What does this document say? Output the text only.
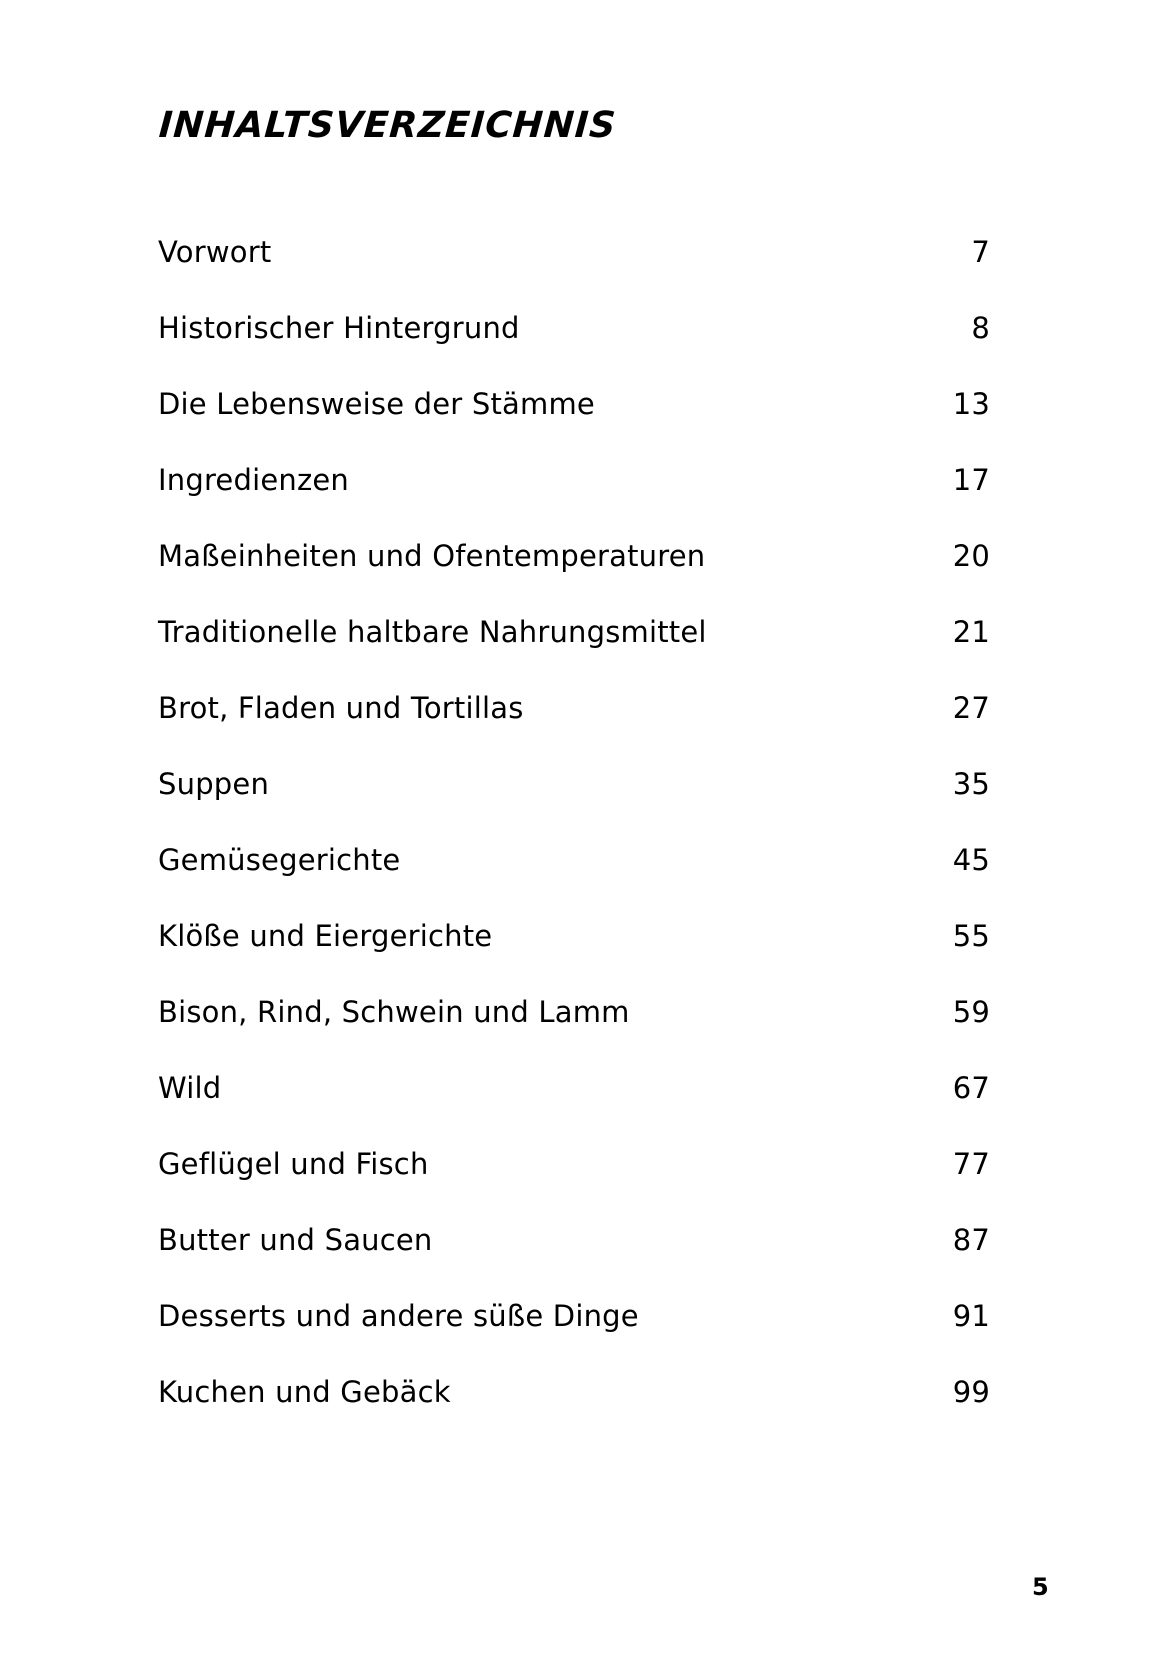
INHALTSVERZEICHNIS
Vorwort	7
Historischer Hintergrund	8
Die Lebensweise der Stämme	13
Ingredienzen	17
Maßeinheiten und Ofentemperaturen	20
Traditionelle haltbare Nahrungsmittel	21
Brot, Fladen und Tortillas	27
Suppen	35
Gemüsegerichte	45
Klöße und Eiergerichte	55
Bison, Rind, Schwein und Lamm	59
Wild	67
Geflügel und Fisch	77
Butter und Saucen	87
Desserts und andere süße Dinge	91
Kuchen und Gebäck	99
5
